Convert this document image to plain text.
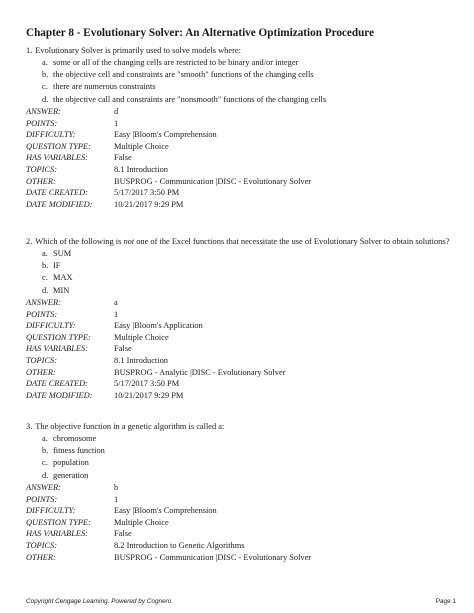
Chapter 8 - Evolutionary Solver: An Alternative Optimization Procedure
1. Evolutionary Solver is primarily used to solve models where:
a. some or all of the changing cells are restricted to be binary and/or integer
b. the objective cell and constraints are "smooth" functions of the changing cells
c. there are numerous constraints
d. the objective call and constraints are "nonsmooth" functions of the changing cells
ANSWER:	d
POINTS:	1
DIFFICULTY:	Easy |Bloom's Comprehension
QUESTION TYPE:	Multiple Choice
HAS VARIABLES:	False
TOPICS:	8.1 Introduction
OTHER:	BUSPROG - Communication |DISC - Evolutionary Solver
DATE CREATED:	5/17/2017 3:50 PM
DATE MODIFIED:	10/21/2017 9:29 PM
2. Which of the following is not one of the Excel functions that necessitate the use of Evolutionary Solver to obtain solutions?
a. SUM
b. IF
c. MAX
d. MIN
ANSWER:	a
POINTS:	1
DIFFICULTY:	Easy |Bloom's Application
QUESTION TYPE:	Multiple Choice
HAS VARIABLES:	False
TOPICS:	8.1 Introduction
OTHER:	BUSPROG - Analytic |DISC - Evolutionary Solver
DATE CREATED:	5/17/2017 3:50 PM
DATE MODIFIED:	10/21/2017 9:29 PM
3. The objective function in a genetic algorithm is called a:
a. chromosome
b. fitness function
c. population
d. generation
ANSWER:	b
POINTS:	1
DIFFICULTY:	Easy |Bloom's Comprehension
QUESTION TYPE:	Multiple Choice
HAS VARIABLES:	False
TOPICS:	8.2 Introduction to Genetic Algorithms
OTHER:	BUSPROG - Communication |DISC - Evolutionary Solver
Copyright Cengage Learning. Powered by Cognero.	Page 1
